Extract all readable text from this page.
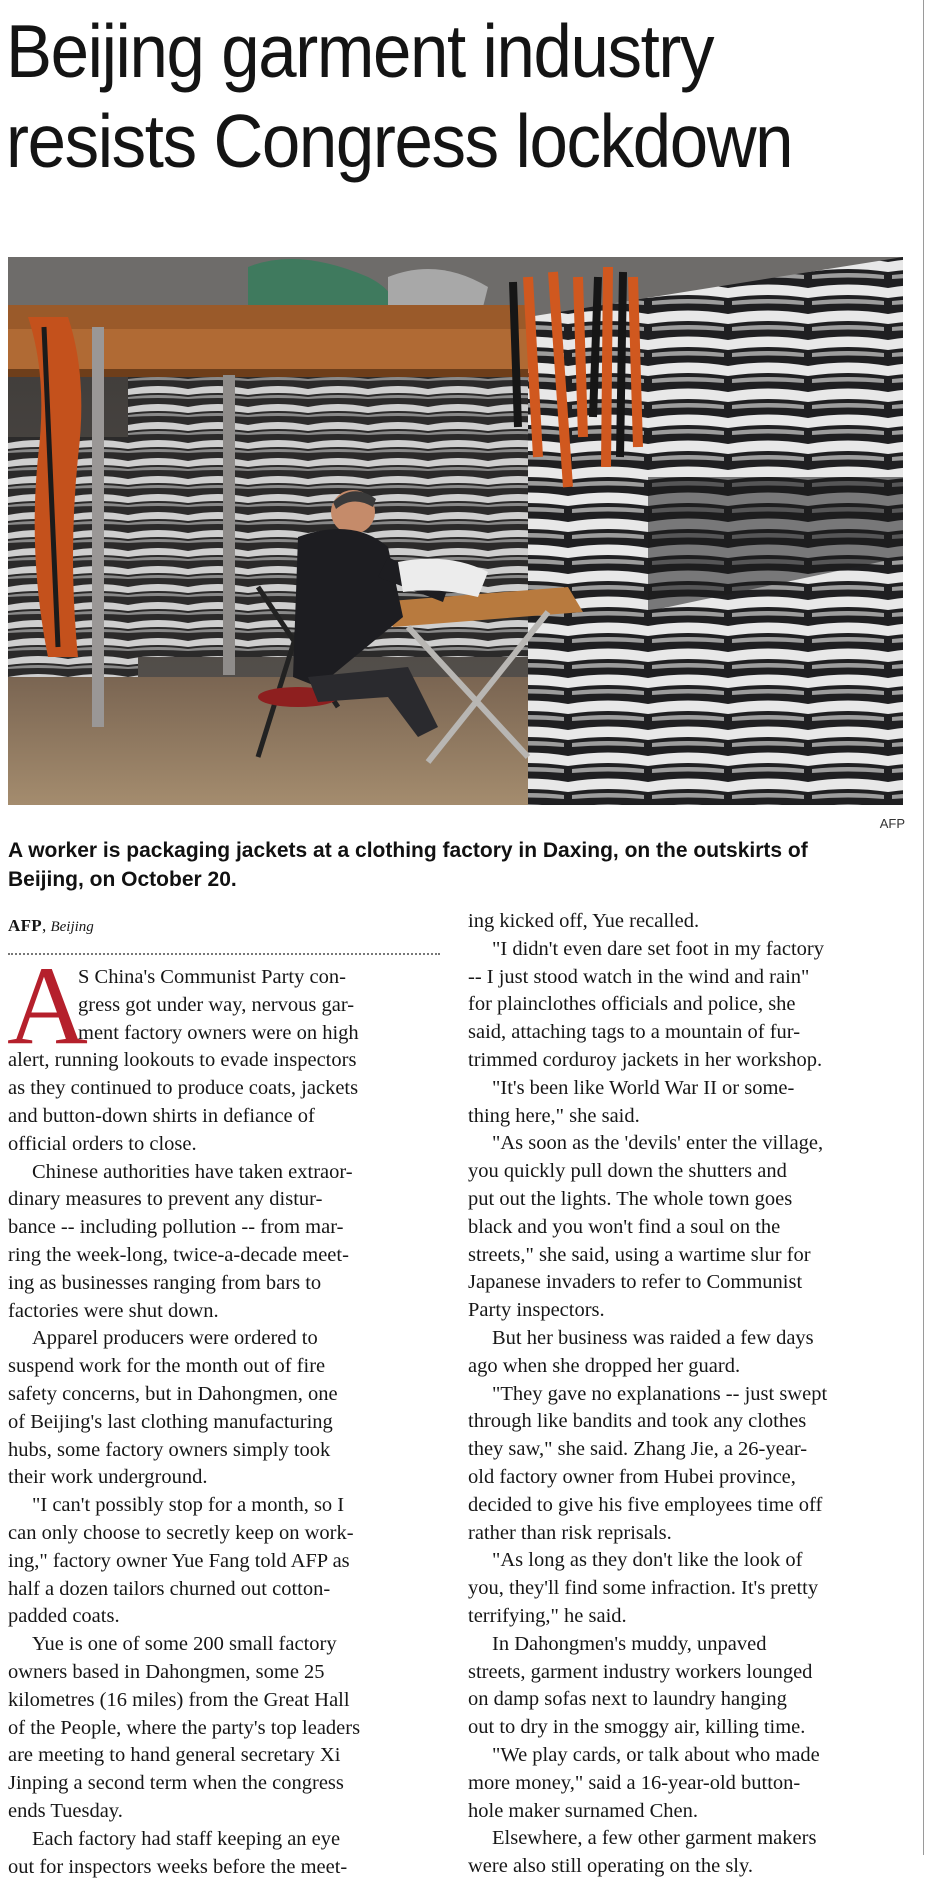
Beijing garment industry
resists Congress lockdown
AFP

A worker is packaging jackets at a clothing factory in Daxing, on the outskirts of
Beijing, on October 20.

AFP, Beijing
A

S China's Communist Party con-

gress got under way, nervous gar-

ment factory owners were on high

alert, running lookouts to evade inspectors

as they continued to produce coats, jackets

and button-down shirts in defiance of

official orders to close.

Chinese authorities have taken extraor-

dinary measures to prevent any distur-

bance -- including pollution -- from mar-

ring the week-long, twice-a-decade meet-

ing as businesses ranging from bars to

factories were shut down.

Apparel producers were ordered to

suspend work for the month out of fire

safety concerns, but in Dahongmen, one

of Beijing's last clothing manufacturing

hubs, some factory owners simply took

their work underground.

"I can't possibly stop for a month, so I

can only choose to secretly keep on work-

ing," factory owner Yue Fang told AFP as

half a dozen tailors churned out cotton-

padded coats.

Yue is one of some 200 small factory

owners based in Dahongmen, some 25

kilometres (16 miles) from the Great Hall

of the People, where the party's top leaders

are meeting to hand general secretary Xi

Jinping a second term when the congress

ends Tuesday.

Each factory had staff keeping an eye

out for inspectors weeks before the meet-

ing kicked off, Yue recalled.

"I didn't even dare set foot in my factory

-- I just stood watch in the wind and rain"

for plainclothes officials and police, she

said, attaching tags to a mountain of fur-

trimmed corduroy jackets in her workshop.

"It's been like World War II or some-

thing here," she said.

"As soon as the 'devils' enter the village,

you quickly pull down the shutters and

put out the lights. The whole town goes

black and you won't find a soul on the

streets," she said, using a wartime slur for

Japanese invaders to refer to Communist

Party inspectors.

But her business was raided a few days

ago when she dropped her guard.

"They gave no explanations -- just swept

through like bandits and took any clothes

they saw," she said. Zhang Jie, a 26-year-

old factory owner from Hubei province,

decided to give his five employees time off

rather than risk reprisals.

"As long as they don't like the look of

you, they'll find some infraction. It's pretty

terrifying," he said.

In Dahongmen's muddy, unpaved

streets, garment industry workers lounged

on damp sofas next to laundry hanging

out to dry in the smoggy air, killing time.

"We play cards, or talk about who made

more money," said a 16-year-old button-

hole maker surnamed Chen.

Elsewhere, a few other garment makers

were also still operating on the sly.
